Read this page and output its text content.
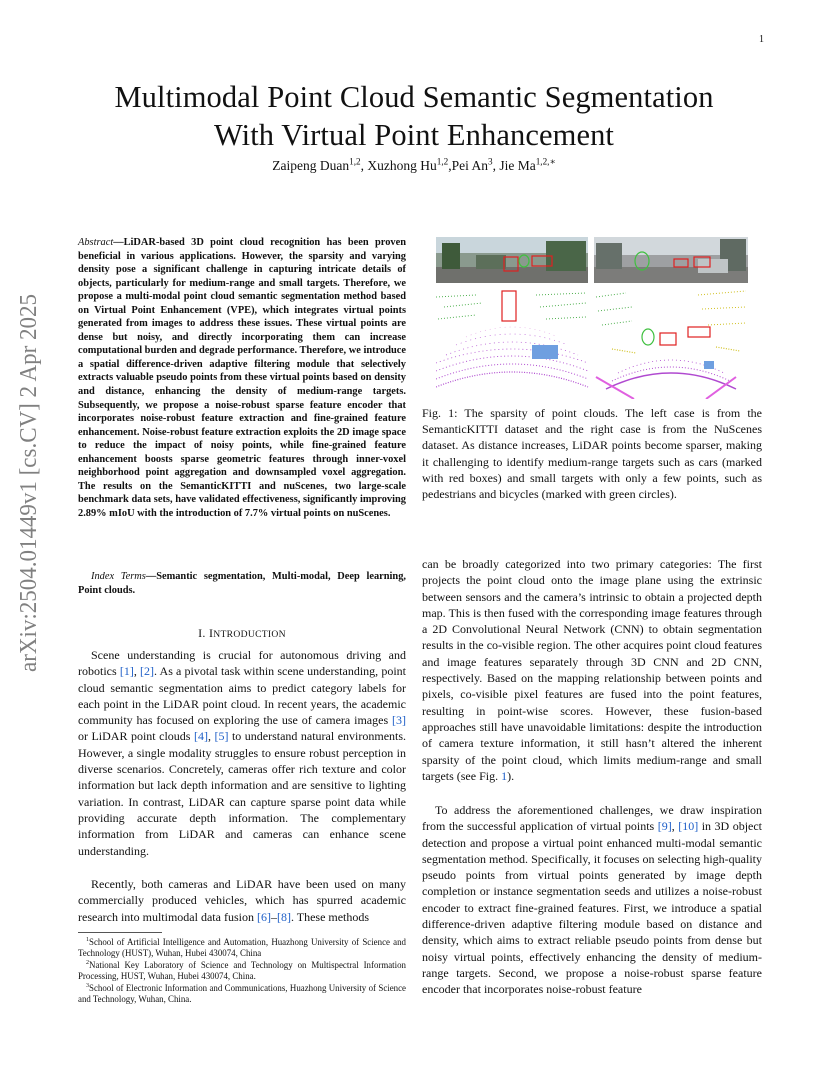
1
arXiv:2504.01449v1 [cs.CV] 2 Apr 2025
Multimodal Point Cloud Semantic Segmentation
With Virtual Point Enhancement
Zaipeng Duan$^{1,2}$, Xuzhong Hu$^{1,2}$,Pei An$^3$, Jie $Ma^{1,2,∗}$
Abstract—LiDAR-based 3D point cloud recognition has been proven beneficial in various applications. However, the sparsity and varying density pose a significant challenge in capturing intricate details of objects, particularly for medium-range and small targets. Therefore, we propose a multi-modal point cloud semantic segmentation method based on Virtual Point Enhancement (VPE), which integrates virtual points generated from images to address these issues. These virtual points are dense but noisy, and directly incorporating them can increase computational burden and degrade performance. Therefore, we introduce a spatial difference-driven adaptive filtering module that selectively extracts valuable pseudo points from these virtual points based on density and distance, enhancing the density of medium-range targets. Subsequently, we propose a noise-robust sparse feature encoder that incorporates noise-robust feature extraction and fine-grained feature enhancement. Noise-robust feature extraction exploits the 2D image space to reduce the impact of noisy points, while fine-grained feature enhancement boosts sparse geometric features through inner-voxel neighborhood point aggregation and downsampled voxel aggregation. The results on the SemanticKITTI and nuScenes, two large-scale benchmark data sets, have validated effectiveness, significantly improving 2.89% mIoU with the introduction of 7.7% virtual points on nuScenes.
Index Terms—Semantic segmentation, Multi-modal, Deep learning, Point clouds.
I. INTRODUCTION
Scene understanding is crucial for autonomous driving and robotics [1], [2]. As a pivotal task within scene understanding, point cloud semantic segmentation aims to predict category labels for each point in the LiDAR point cloud. In recent years, the academic community has focused on exploring the use of camera images [3] or LiDAR point clouds [4], [5] to understand natural environments. However, a single modality struggles to ensure robust perception in diverse scenarios. Concretely, cameras offer rich texture and color information but lack depth information and are sensitive to lighting variation. In contrast, LiDAR can capture sparse point data while providing accurate depth information. The complementary information from LiDAR and cameras can enhance scene understanding.
Recently, both cameras and LiDAR have been used on many commercially produced vehicles, which has spurred academic research into multimodal data fusion [6]–[8]. These methods

$^1$School of Artificial Intelligence and Automation, Huazhong University of Science and Technology (HUST), Wuhan, Hubei 430074, China

$^2$National Key Laboratory of Science and Technology on Multispectral Information Processing, HUST, Wuhan, Hubei 430074, China.

$^3$School of Electronic Information and Communications, Huazhong University of Science and Technology, Wuhan, China.

Fig. 1: The sparsity of point clouds. The left case is from the SemanticKITTI dataset and the right case is from the NuScenes dataset. As distance increases, LiDAR points become sparser, making it challenging to identify medium-range targets such as cars (marked with red boxes) and small targets with only a few points, such as pedestrians and bicycles (marked with green circles).
can be broadly categorized into two primary categories: The first projects the point cloud onto the image plane using the extrinsic between sensors and the camera’s intrinsic to obtain a projected depth map. This is then fused with the corresponding image features through a 2D Convolutional Neural Network (CNN) to obtain segmentation results in the co-visible region. The other acquires point cloud features and image features separately through 3D CNN and 2D CNN, respectively. Based on the mapping relationship between points and pixels, co-visible pixel features are fused into the point features, resulting in point-wise scores. However, these fusion-based approaches still have unavoidable limitations: despite the introduction of camera texture information, it still hasn’t altered the inherent sparsity of the point cloud, which limits medium-range and small targets (see Fig. 1).
To address the aforementioned challenges, we draw inspiration from the successful application of virtual points [9], [10] in 3D object detection and propose a virtual point enhanced multi-modal semantic segmentation method. Specifically, it focuses on selecting high-quality pseudo points from virtual points generated by image depth completion or instance segmentation seeds and utilizes a noise-robust encoder to extract fine-grained features. First, we introduce a spatial difference-driven adaptive filtering module based on distance and density, which aims to extract reliable pseudo points from dense but noisy virtual points, effectively enhancing the density of medium-range targets. Second, we propose a noise-robust sparse feature encoder that incorporates noise-robust feature
